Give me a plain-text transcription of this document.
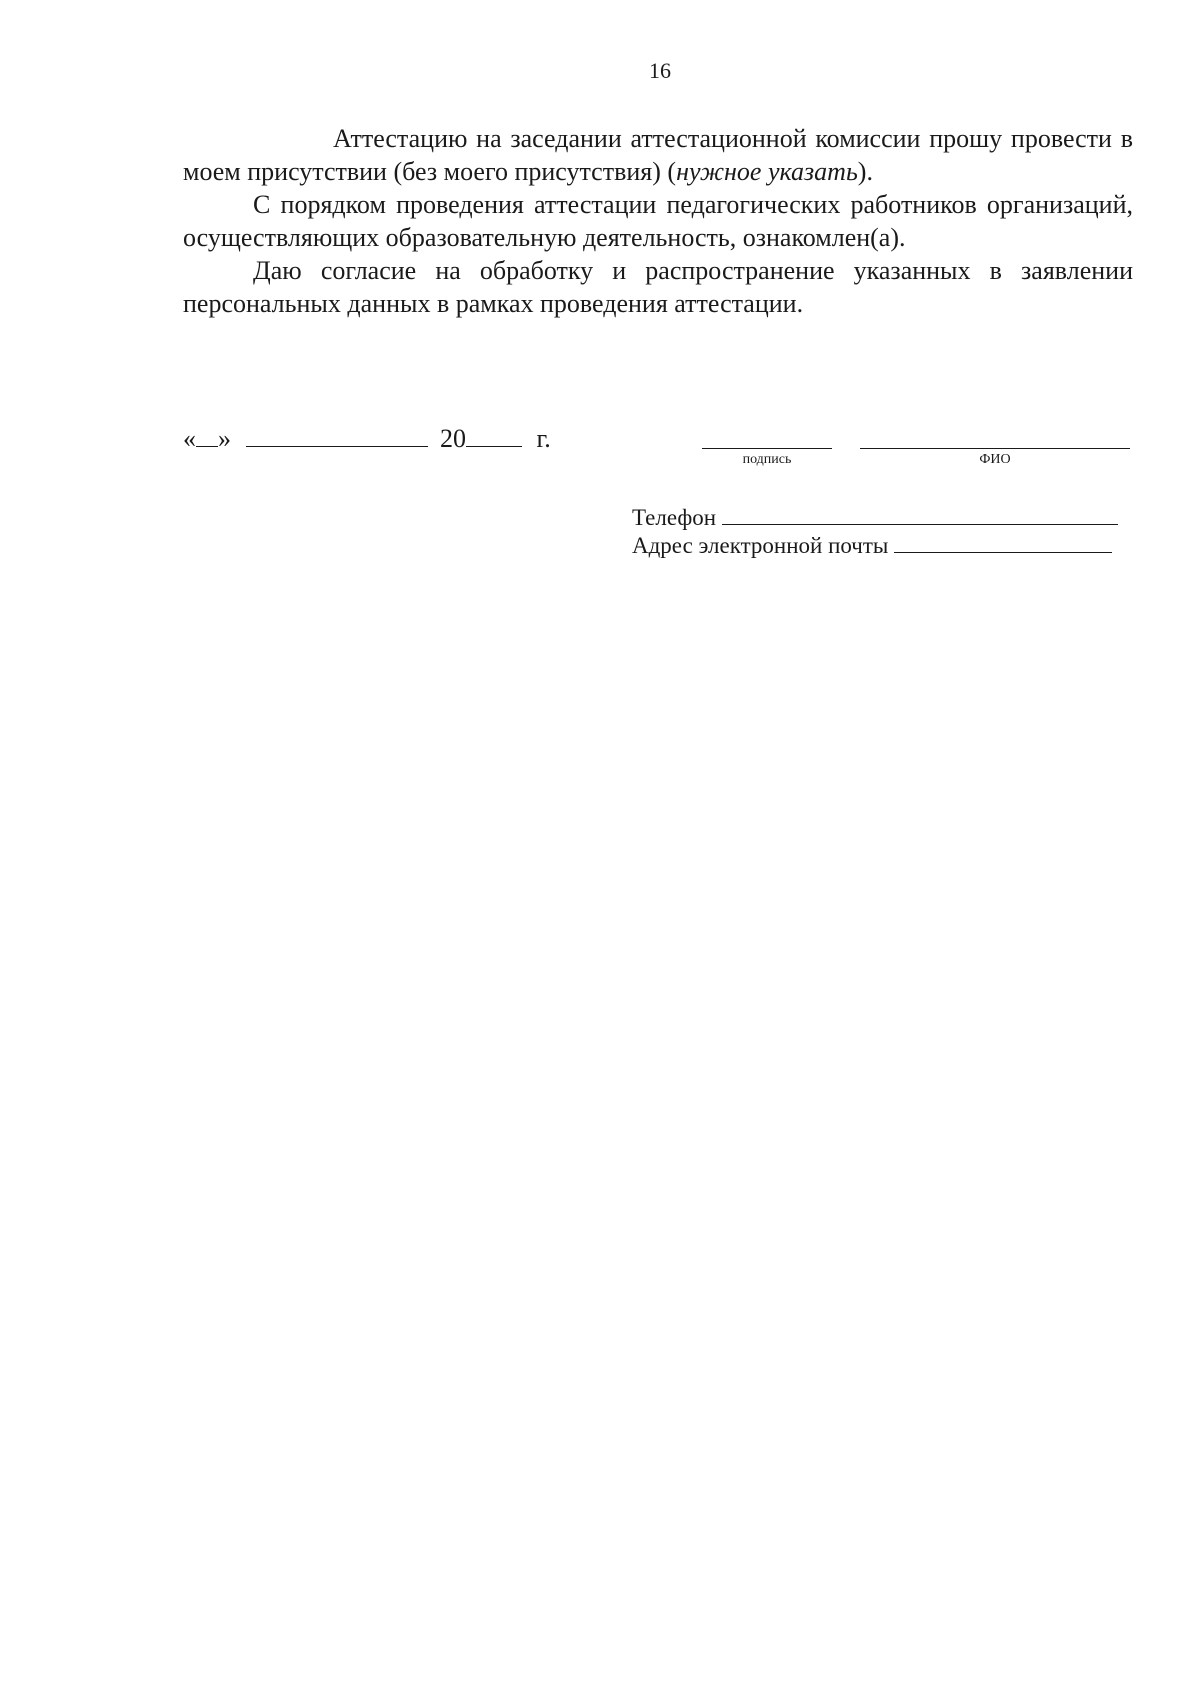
16

Аттестацию на заседании аттестационной комиссии прошу провести в моем присутствии (без моего присутствия) (нужное указать).

С порядком проведения аттестации педагогических работников организаций, осуществляющих образовательную деятельность, ознакомлен(а).

Даю согласие на обработку и распространение указанных в заявлении персональных данных в рамках проведения аттестации.

« »	20	г.
подпись	ФИО
Телефон
Адрес электронной почты
